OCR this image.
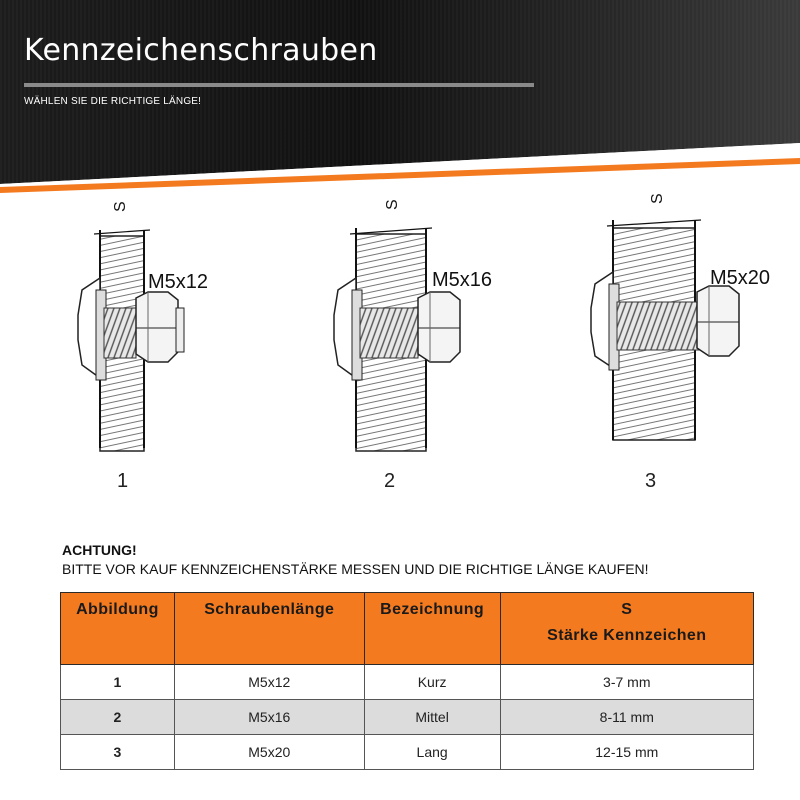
Kennzeichenschrauben
WÄHLEN SIE DIE RICHTIGE LÄNGE!
S
M5x12
S
M5x16
S
M5x20
1	2	3
ACHTUNG!
BITTE VOR KAUF KENNZEICHENSTÄRKE MESSEN UND DIE RICHTIGE LÄNGE KAUFEN!
Abbildung	Schraubenlänge	Bezeichnung	S
Stärke Kennzeichen

1	M5x12	Kurz	3-7 mm
2	M5x16	Mittel	8-11 mm
3	M5x20	Lang	12-15 mm
